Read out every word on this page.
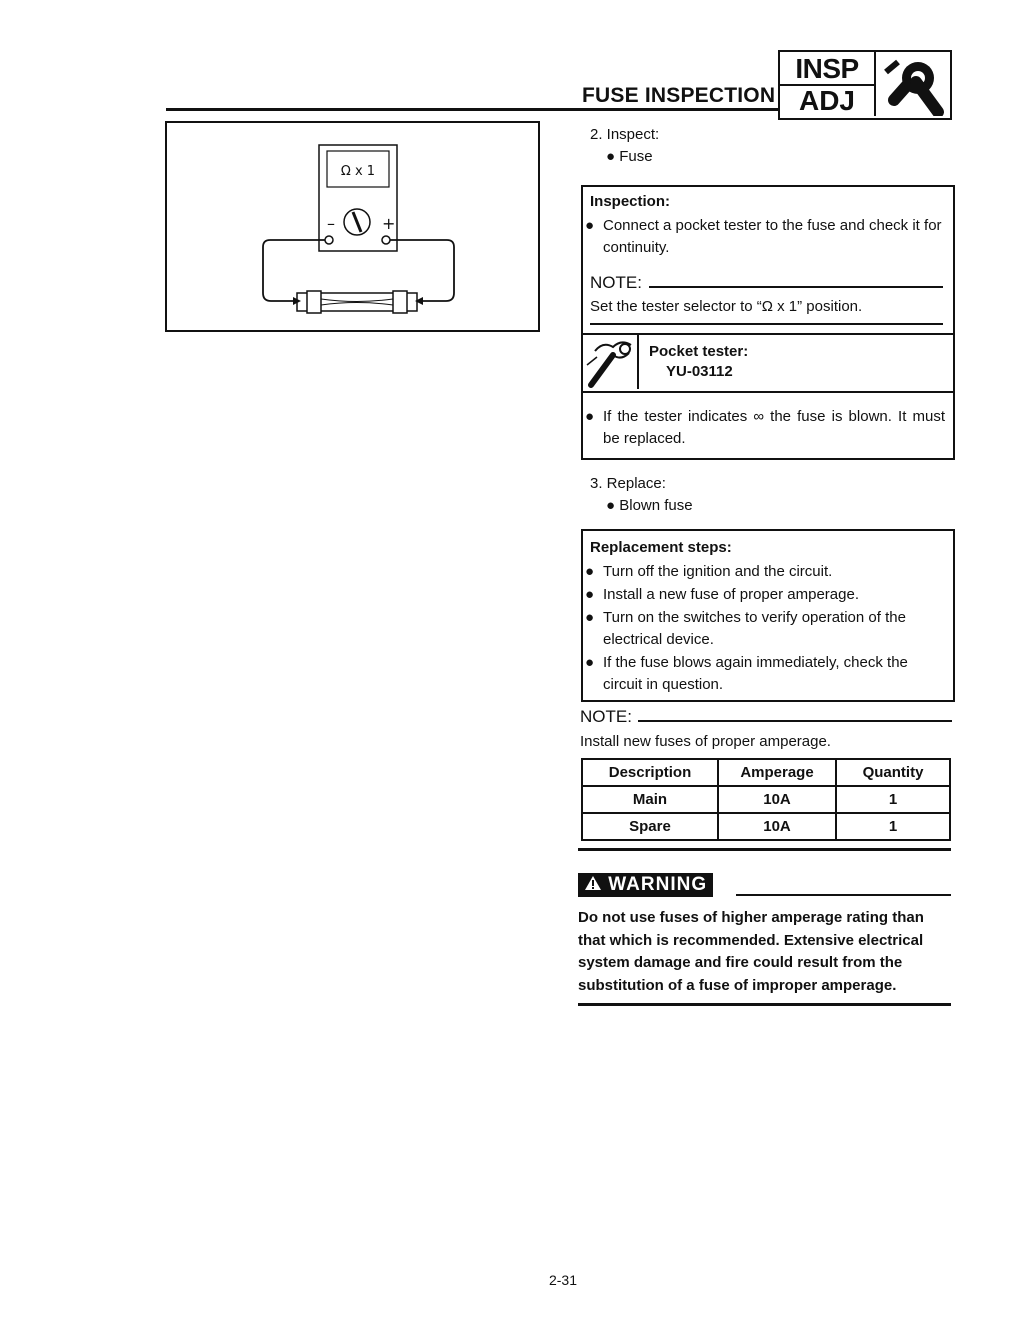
FUSE INSPECTION
INSP
ADJ
Ω x 1
–	+
2. Inspect:
● Fuse
Inspection:
● Connect a pocket tester to the fuse and check it for continuity.
NOTE:
Set the tester selector to “Ω x 1” position.
Pocket tester:
YU-03112
● If the tester indicates ∞ the fuse is blown. It must be replaced.
3. Replace:
● Blown fuse
Replacement steps:
● Turn off the ignition and the circuit.
● Install a new fuse of proper amperage.
● Turn on the switches to verify operation of the electrical device.
● If the fuse blows again immediately, check the circuit in question.
NOTE:
Install new fuses of proper amperage.
Description	Amperage	Quantity
Main	10A	1
Spare	10A	1
WARNING
Do not use fuses of higher amperage rating than that which is recommended. Extensive electrical system damage and fire could result from the substitution of a fuse of improper amperage.
2-31
